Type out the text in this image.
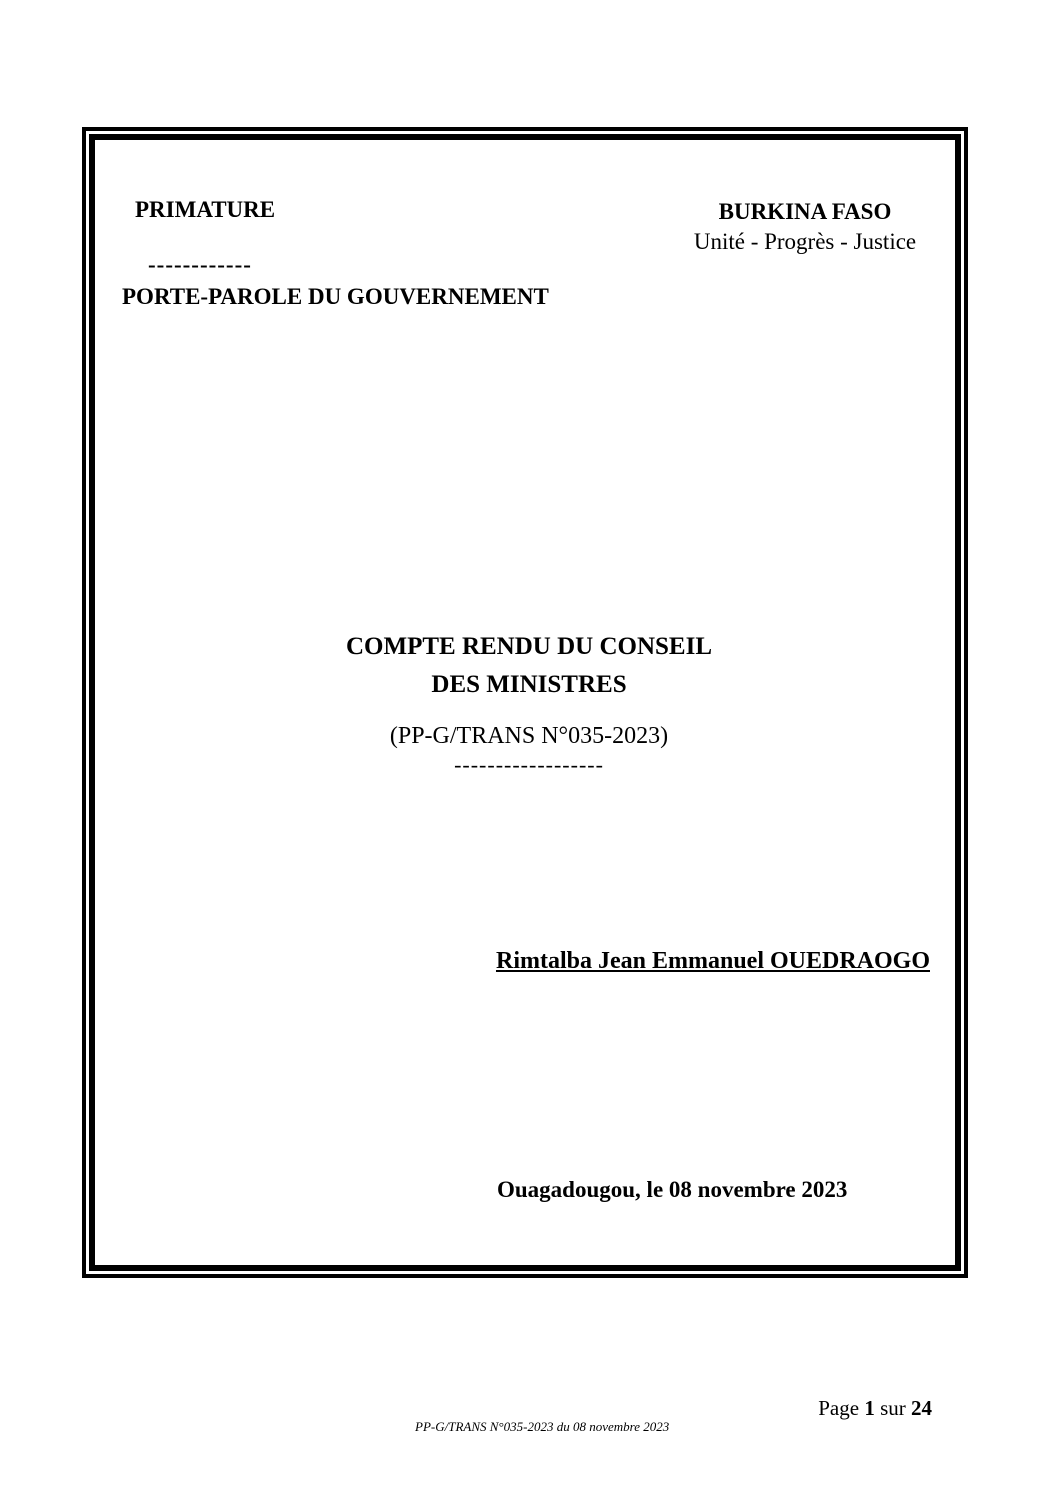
PRIMATURE	BURKINA FASO
Unité - Progrès - Justice
------------
PORTE-PAROLE DU GOUVERNEMENT
COMPTE RENDU DU CONSEIL
DES MINISTRES
(PP-G/TRANS N°035-2023)
------------------
Rimtalba Jean Emmanuel OUEDRAOGO
Ouagadougou, le 08 novembre 2023
Page 1 sur 24
PP-G/TRANS N°035-2023 du 08 novembre 2023
